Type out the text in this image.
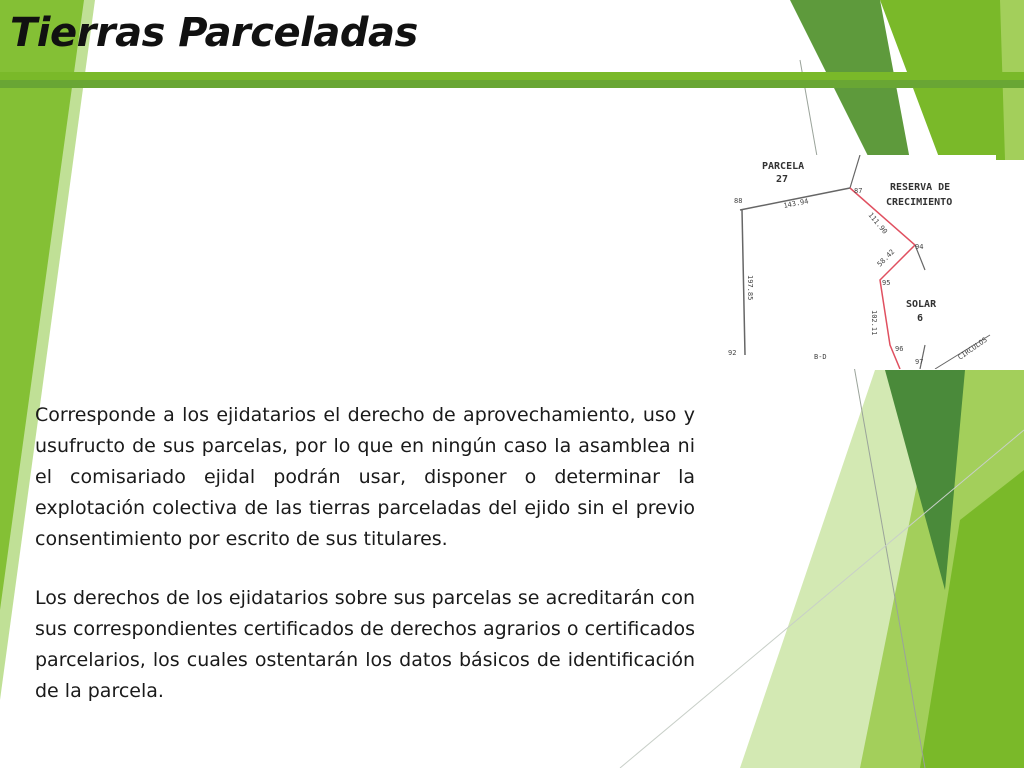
Tierras Parceladas

Corresponde a los ejidatarios el derecho de aprovechamiento, uso y usufructo de sus parcelas, por lo que en ningún caso la asamblea ni el comisariado ejidal podrán usar, disponer o determinar la explotación colectiva de las tierras parceladas del ejido sin el previo consentimiento por escrito de sus titulares.

Los derechos de los ejidatarios sobre sus parcelas se acreditarán con sus correspondientes certificados de derechos agrarios o certificados parcelarios, los cuales ostentarán los datos básicos de identificación de la parcela.

PARCELA
27
RESERVA DE
CRECIMIENTO
SOLAR
6
88
87
94
95
96
97
92	B-D
143.94
197.85
111.90
58.42
102.11
CIRCULOS
